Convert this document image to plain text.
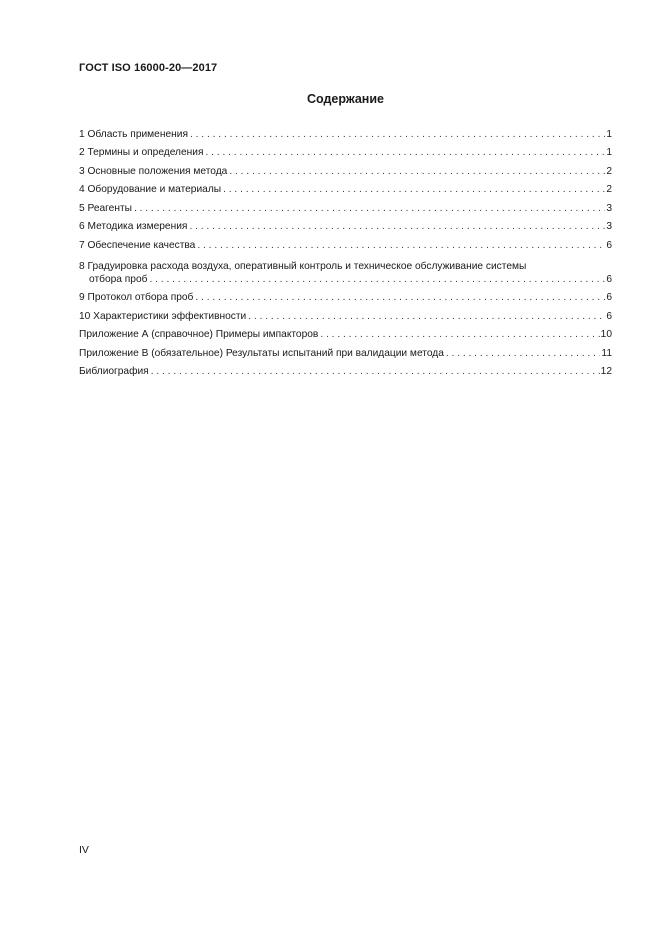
ГОСТ ISO 16000-20—2017
Содержание
1 Область применения . . .	1
2 Термины и определения . . .	1
3 Основные положения метода . . .	2
4 Оборудование и материалы . . .	2
5 Реагенты . . .	3
6 Методика измерения . . .	3
7 Обеспечение качества . . .	6
8 Градуировка расхода воздуха, оперативный контроль и техническое обслуживание системы
отбора проб . . .	6
9 Протокол отбора проб . . .	6
10 Характеристики эффективности . . .	6
Приложение А (справочное) Примеры импакторов . . .	10
Приложение В (обязательное) Результаты испытаний при валидации метода . . .	11
Библиография . . .	12
IV
